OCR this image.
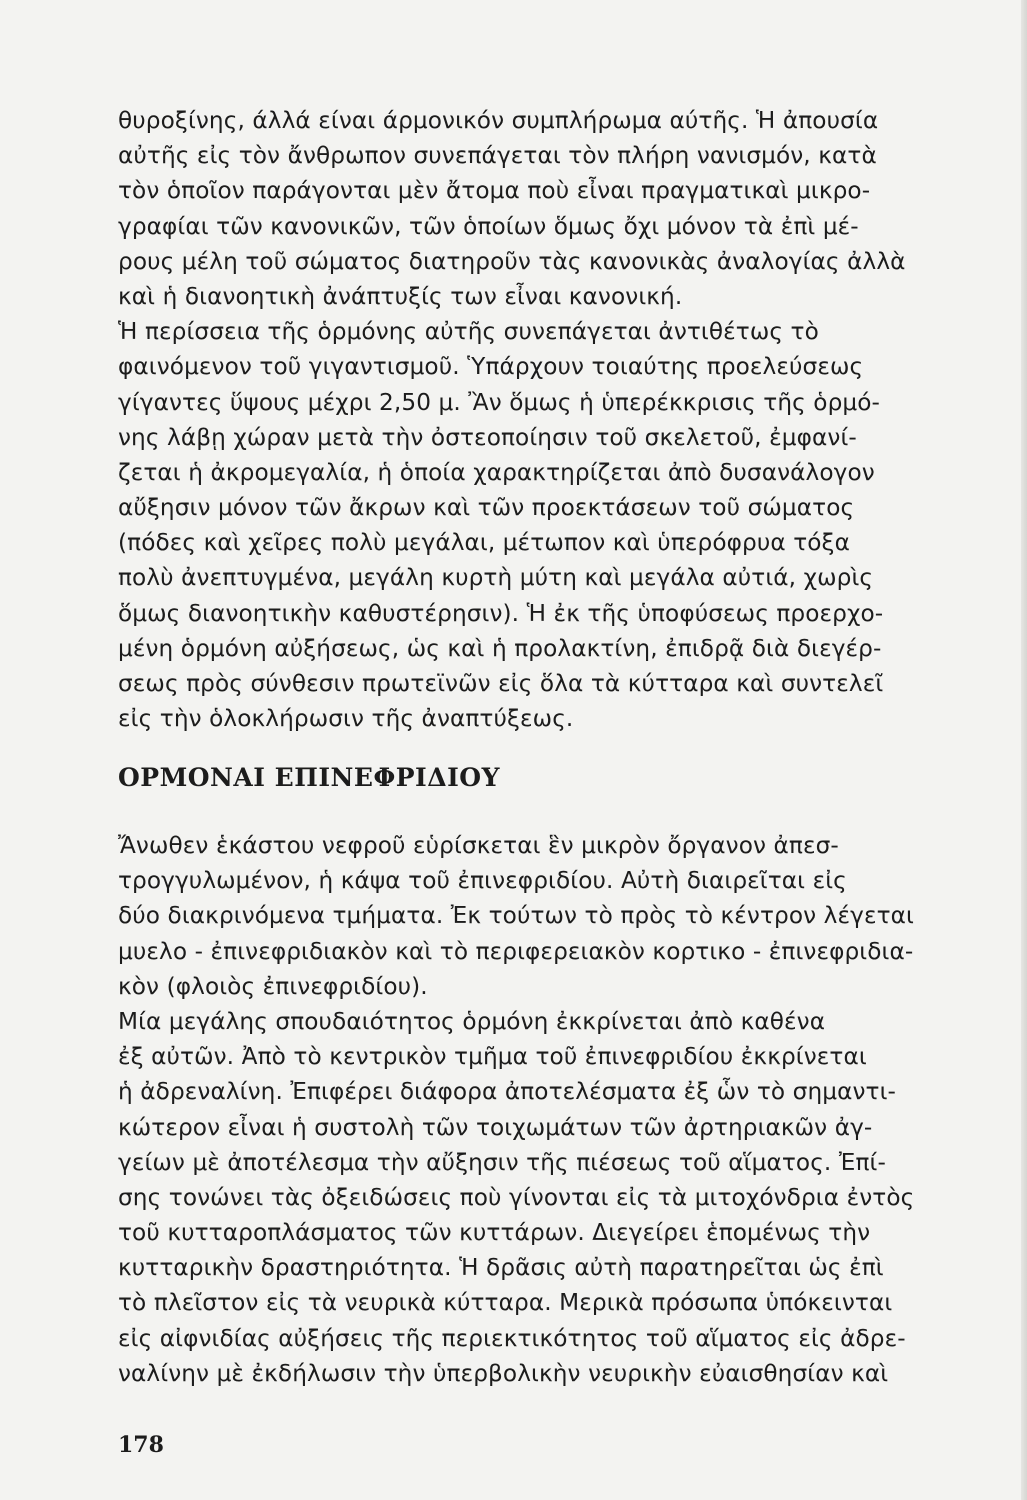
θυροξίνης, άλλά είναι άρμονικόν συμπλήρωμα αύτῆς. Ἡ ἀπουσία
αὐτῆς εἰς τὸν ἄνθρωπον συνεπάγεται τὸν πλήρη νανισμόν, κατὰ
τὸν ὁποῖον παράγονται μὲν ἄτομα ποὺ εἶναι πραγματικαὶ μικρο-
γραφίαι τῶν κανονικῶν, τῶν ὁποίων ὅμως ὄχι μόνον τὰ ἐπὶ μέ-
ρους μέλη τοῦ σώματος διατηροῦν τὰς κανονικὰς ἀναλογίας ἀλλὰ
καὶ ἡ διανοητικὴ ἀνάπτυξίς των εἶναι κανονική.
Ἡ περίσσεια τῆς ὁρμόνης αὐτῆς συνεπάγεται ἀντιθέτως τὸ
φαινόμενον τοῦ γιγαντισμοῦ. Ὑπάρχουν τοιαύτης προελεύσεως
γίγαντες ὕψους μέχρι 2,50 μ. Ἂν ὅμως ἡ ὑπερέκκρισις τῆς ὁρμό-
νης λάβῃ χώραν μετὰ τὴν ὀστεοποίησιν τοῦ σκελετοῦ, ἐμφανί-
ζεται ἡ ἀκρομεγαλία, ἡ ὁποία χαρακτηρίζεται ἀπὸ δυσανάλογον
αὔξησιν μόνον τῶν ἄκρων καὶ τῶν προεκτάσεων τοῦ σώματος
(πόδες καὶ χεῖρες πολὺ μεγάλαι, μέτωπον καὶ ὑπερόφρυα τόξα
πολὺ ἀνεπτυγμένα, μεγάλη κυρτὴ μύτη καὶ μεγάλα αὐτιά, χωρὶς
ὅμως διανοητικὴν καθυστέρησιν). Ἡ ἐκ τῆς ὑποφύσεως προερχο-
μένη ὁρμόνη αὐξήσεως, ὡς καὶ ἡ προλακτίνη, ἐπιδρᾷ διὰ διεγέρ-
σεως πρὸς σύνθεσιν πρωτεϊνῶν εἰς ὅλα τὰ κύτταρα καὶ συντελεῖ
εἰς τὴν ὁλοκλήρωσιν τῆς ἀναπτύξεως.
ΟΡΜΟΝΑΙ ΕΠΙΝΕΦΡΙΔΙΟΥ
Ἄνωθεν ἑκάστου νεφροῦ εὑρίσκεται ἓν μικρὸν ὄργανον ἀπεσ-
τρογγυλωμένον, ἡ κάψα τοῦ ἐπινεφριδίου. Αὐτὴ διαιρεῖται εἰς
δύο διακρινόμενα τμήματα. Ἐκ τούτων τὸ πρὸς τὸ κέντρον λέγεται
μυελο - ἐπινεφριδιακὸν καὶ τὸ περιφερειακὸν κορτικο - ἐπινεφριδια-
κὸν (φλοιὸς ἐπινεφριδίου).
Μία μεγάλης σπουδαιότητος ὁρμόνη ἐκκρίνεται ἀπὸ καθένα
ἐξ αὐτῶν. Ἀπὸ τὸ κεντρικὸν τμῆμα τοῦ ἐπινεφριδίου ἐκκρίνεται
ἡ ἀδρεναλίνη. Ἐπιφέρει διάφορα ἀποτελέσματα ἐξ ὧν τὸ σημαντι-
κώτερον εἶναι ἡ συστολὴ τῶν τοιχωμάτων τῶν ἀρτηριακῶν ἀγ-
γείων μὲ ἀποτέλεσμα τὴν αὔξησιν τῆς πιέσεως τοῦ αἵματος. Ἐπί-
σης τονώνει τὰς ὀξειδώσεις ποὺ γίνονται εἰς τὰ μιτοχόνδρια ἐντὸς
τοῦ κυτταροπλάσματος τῶν κυττάρων. Διεγείρει ἑπομένως τὴν
κυτταρικὴν δραστηριότητα. Ἡ δρᾶσις αὐτὴ παρατηρεῖται ὡς ἐπὶ
τὸ πλεῖστον εἰς τὰ νευρικὰ κύτταρα. Μερικὰ πρόσωπα ὑπόκεινται
εἰς αἰφνιδίας αὐξήσεις τῆς περιεκτικότητος τοῦ αἵματος εἰς ἀδρε-
ναλίνην μὲ ἐκδήλωσιν τὴν ὑπερβολικὴν νευρικὴν εὐαισθησίαν καὶ
178
